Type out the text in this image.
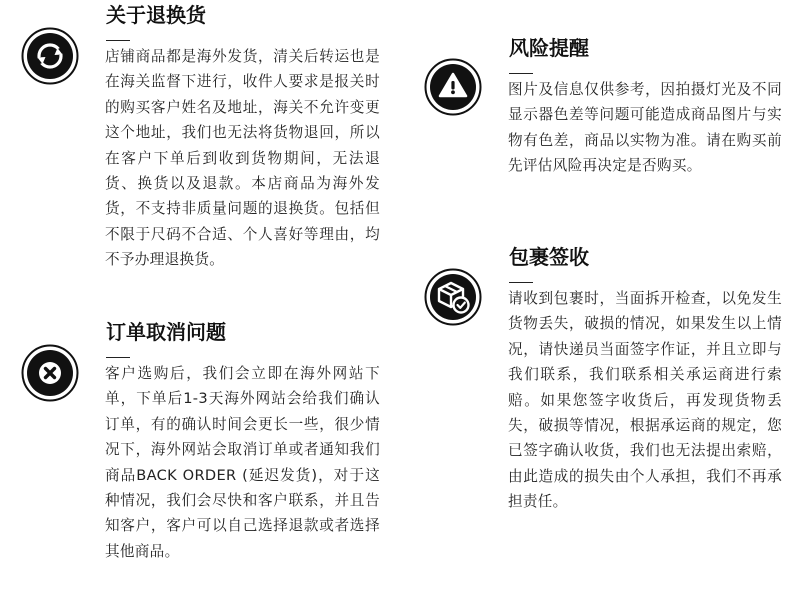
关于退换货
店铺商品都是海外发货，清关后转运也是在海关监督下进行，收件人要求是报关时的购买客户姓名及地址，海关不允许变更这个地址，我们也无法将货物退回，所以在客户下单后到收到货物期间，无法退货、换货以及退款。本店商品为海外发货，不支持非质量问题的退换货。包括但不限于尺码不合适、个人喜好等理由，均不予办理退换货。
订单取消问题
客户选购后，我们会立即在海外网站下单，下单后1-3天海外网站会给我们确认订单，有的确认时间会更长一些，很少情况下，海外网站会取消订单或者通知我们商品BACK ORDER (延迟发货)，对于这种情况，我们会尽快和客户联系，并且告知客户，客户可以自己选择退款或者选择其他商品。
风险提醒
图片及信息仅供参考，因拍摄灯光及不同显示器色差等问题可能造成商品图片与实物有色差，商品以实物为准。请在购买前先评估风险再决定是否购买。
包裹签收
请收到包裹时，当面拆开检查，以免发生货物丢失，破损的情况，如果发生以上情况，请快递员当面签字作证，并且立即与我们联系，我们联系相关承运商进行索赔。如果您签字收货后，再发现货物丢失，破损等情况，根据承运商的规定，您已签字确认收货，我们也无法提出索赔，由此造成的损失由个人承担，我们不再承担责任。
